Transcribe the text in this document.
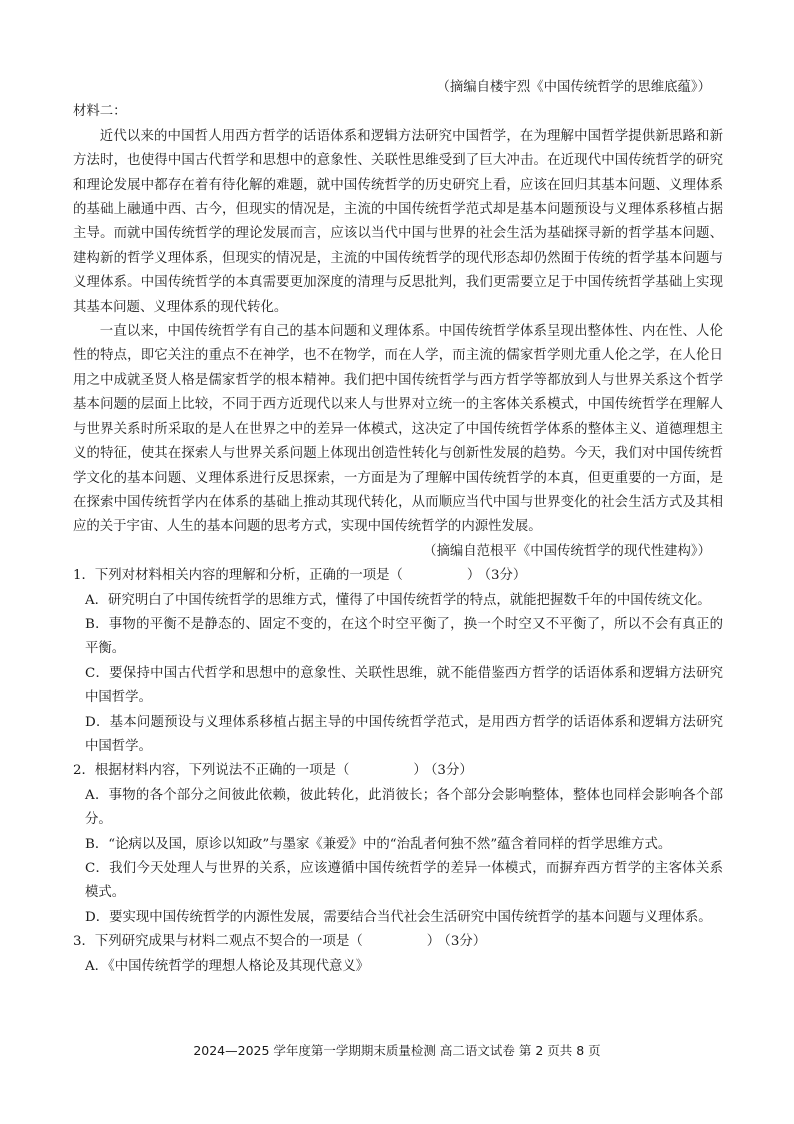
（摘编自楼宇烈《中国传统哲学的思维底蕴》）
材料二：

近代以来的中国哲人用西方哲学的话语体系和逻辑方法研究中国哲学，在为理解中国哲学提供新思路和新方法时，也使得中国古代哲学和思想中的意象性、关联性思维受到了巨大冲击。在近现代中国传统哲学的研究和理论发展中都存在着有待化解的难题，就中国传统哲学的历史研究上看，应该在回归其基本问题、义理体系的基础上融通中西、古今，但现实的情况是，主流的中国传统哲学范式却是基本问题预设与义理体系移植占据主导。而就中国传统哲学的理论发展而言，应该以当代中国与世界的社会生活为基础探寻新的哲学基本问题、建构新的哲学义理体系，但现实的情况是，主流的中国传统哲学的现代形态却仍然囿于传统的哲学基本问题与义理体系。中国传统哲学的本真需要更加深度的清理与反思批判，我们更需要立足于中国传统哲学基础上实现其基本问题、义理体系的现代转化。

一直以来，中国传统哲学有自己的基本问题和义理体系。中国传统哲学体系呈现出整体性、内在性、人伦性的特点，即它关注的重点不在神学，也不在物学，而在人学，而主流的儒家哲学则尤重人伦之学，在人伦日用之中成就圣贤人格是儒家哲学的根本精神。我们把中国传统哲学与西方哲学等都放到人与世界关系这个哲学基本问题的层面上比较，不同于西方近现代以来人与世界对立统一的主客体关系模式，中国传统哲学在理解人与世界关系时所采取的是人在世界之中的差异一体模式，这决定了中国传统哲学体系的整体主义、道德理想主义的特征，使其在探索人与世界关系问题上体现出创造性转化与创新性发展的趋势。今天，我们对中国传统哲学文化的基本问题、义理体系进行反思探索，一方面是为了理解中国传统哲学的本真，但更重要的一方面，是在探索中国传统哲学内在体系的基础上推动其现代转化，从而顺应当代中国与世界变化的社会生活方式及其相应的关于宇宙、人生的基本问题的思考方式，实现中国传统哲学的内源性发展。

（摘编自范根平《中国传统哲学的现代性建构》）
1．下列对材料相关内容的理解和分析，正确的一项是（	） （3分）

A．研究明白了中国传统哲学的思维方式，懂得了中国传统哲学的特点，就能把握数千年的中国传统文化。

B．事物的平衡不是静态的、固定不变的，在这个时空平衡了，换一个时空又不平衡了，所以不会有真正的平衡。

C．要保持中国古代哲学和思想中的意象性、关联性思维，就不能借鉴西方哲学的话语体系和逻辑方法研究中国哲学。

D．基本问题预设与义理体系移植占据主导的中国传统哲学范式，是用西方哲学的话语体系和逻辑方法研究中国哲学。

2．根据材料内容，下列说法不正确的一项是（	） （3分）

A．事物的各个部分之间彼此依赖，彼此转化，此消彼长；各个部分会影响整体，整体也同样会影响各个部分。

B．“论病以及国，原诊以知政”与墨家《兼爱》中的“治乱者何独不然”蕴含着同样的哲学思维方式。

C．我们今天处理人与世界的关系，应该遵循中国传统哲学的差异一体模式，而摒弃西方哲学的主客体关系模式。

D．要实现中国传统哲学的内源性发展，需要结合当代社会生活研究中国传统哲学的基本问题与义理体系。

3．下列研究成果与材料二观点不契合的一项是（	） （3分）

A．《中国传统哲学的理想人格论及其现代意义》

2024—2025 学年度第一学期期末质量检测 高二语文试卷 第 2 页共 8 页
